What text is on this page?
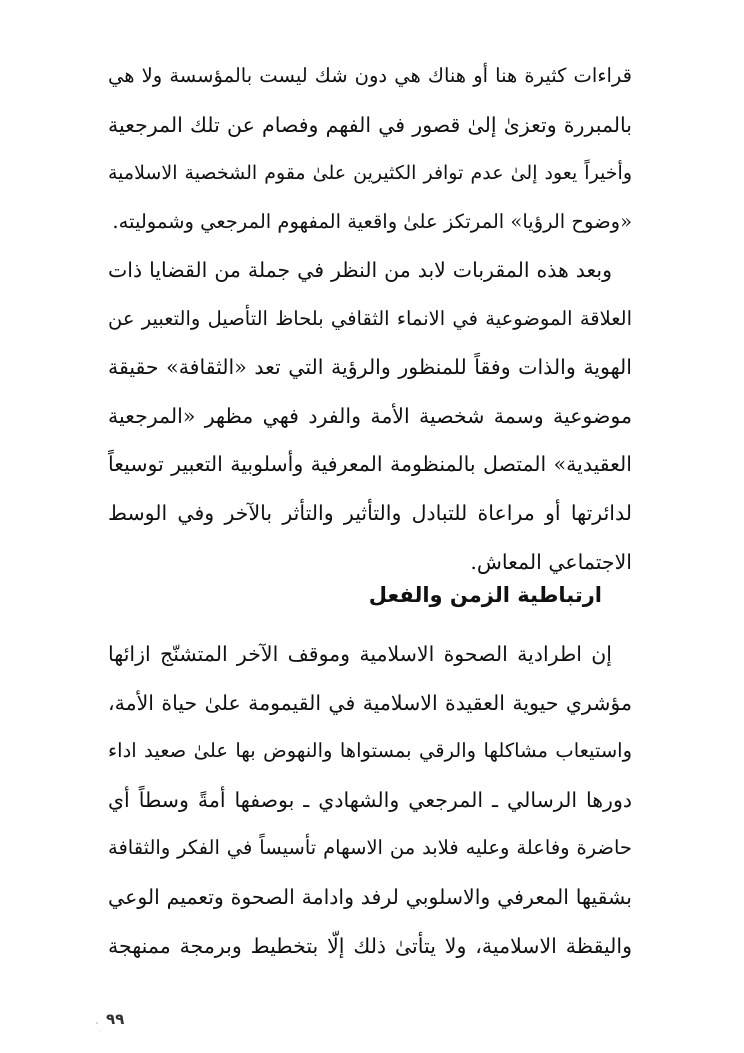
قراءات كثيرة هنا أو هناك هي دون شك ليست بالمؤسسة ولا هي
بالمبررة وتعزىٰ إلىٰ قصور في الفهم وفصام عن تلك المرجعية
وأخيراً يعود إلىٰ عدم توافر الكثيرين علىٰ مقوم الشخصية الاسلامية
«وضوح الرؤيا» المرتكز علىٰ واقعية المفهوم المرجعي وشموليته.
وبعد هذه المقربات لابد من النظر في جملة من القضايا ذات
العلاقة الموضوعية في الانماء الثقافي بلحاظ التأصيل والتعبير عن
الهوية والذات وفقاً للمنظور والرؤية التي تعد «الثقافة» حقيقة
موضوعية وسمة شخصية الأمة والفرد فهي مظهر «المرجعية
العقيدية» المتصل بالمنظومة المعرفية وأسلوبية التعبير توسيعاً
لدائرتها أو مراعاة للتبادل والتأثير والتأثر بالآخر وفي الوسط
الاجتماعي المعاش.
ارتباطية الزمن والفعل
إن اطرادية الصحوة الاسلامية وموقف الآخر المتشنّج ازائها
مؤشري حيوية العقيدة الاسلامية في القيمومة علىٰ حياة الأمة،
واستيعاب مشاكلها والرقي بمستواها والنهوض بها علىٰ صعيد اداء
دورها الرسالي ـ المرجعي والشهادي ـ بوصفها أمةً وسطاً أي
حاضرة وفاعلة وعليه فلابد من الاسهام تأسيساً في الفكر والثقافة
بشقيها المعرفي والاسلوبي لرفد وادامة الصحوة وتعميم الوعي
واليقظة الاسلامية، ولا يتأتىٰ ذلك إلّا بتخطيط وبرمجة ممنهجة
٩٩
